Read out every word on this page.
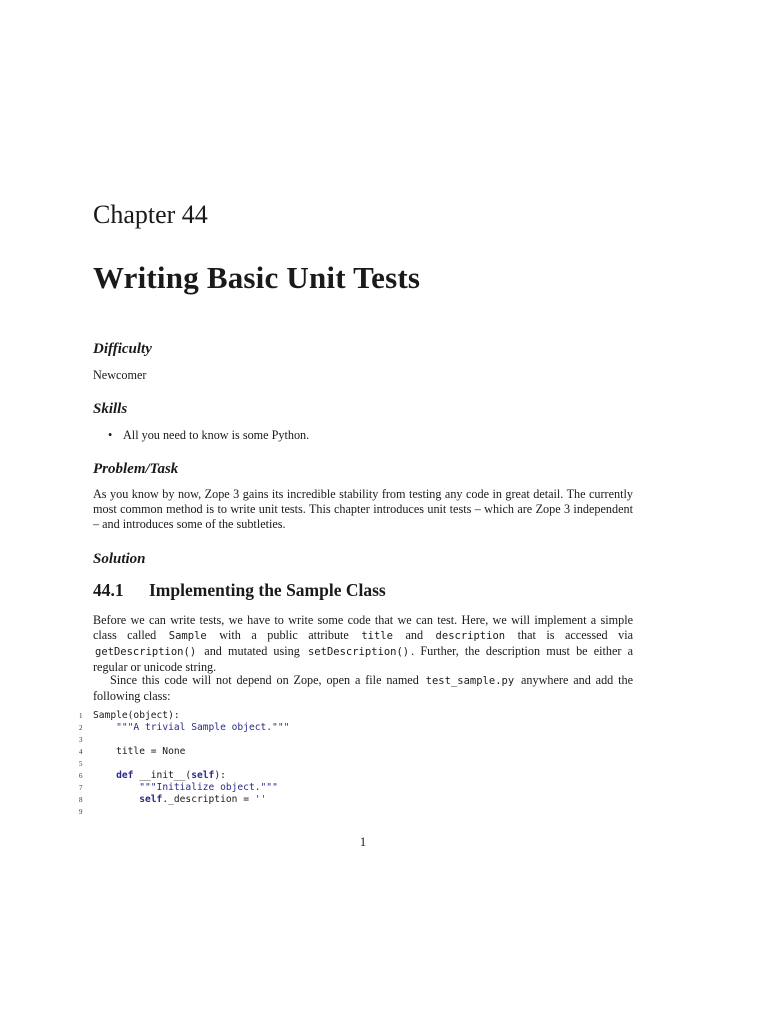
Chapter 44
Writing Basic Unit Tests
Difficulty
Newcomer
Skills
• All you need to know is some Python.
Problem/Task
As you know by now, Zope 3 gains its incredible stability from testing any code in great detail. The currently most common method is to write unit tests. This chapter introduces unit tests – which are Zope 3 independent – and introduces some of the subtleties.
Solution
44.1 Implementing the Sample Class
Before we can write tests, we have to write some code that we can test. Here, we will implement a simple class called Sample with a public attribute title and description that is accessed via getDescription() and mutated using setDescription() . Further, the description must be either a regular or unicode string.
Since this code will not depend on Zope, open a file named test_sample.py anywhere and add the following class:
1 Sample(object):
2	"""A trivial Sample object."""
3
4    title = None
5
6	def __init__(self):
7	"""Initialize object."""
8	self._description = ''
9
1
